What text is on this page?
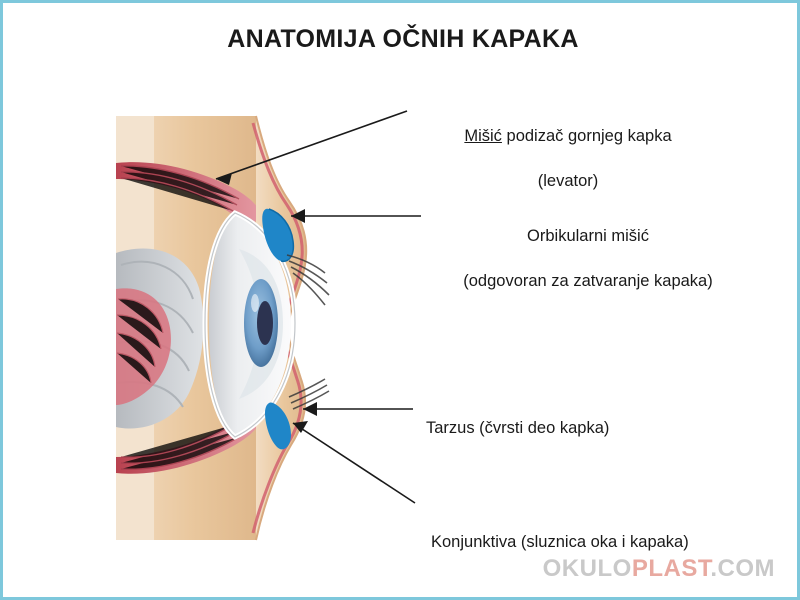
ANATOMIJA OČNIH KAPAKA

Mišić podizač gornjeg kapka

(levator)

Orbikularni mišić

(odgovoran za zatvaranje kapaka)

Tarzus (čvrsti deo kapka)

Konjunktiva (sluznica oka i kapaka)

OKULOPLAST.COM
